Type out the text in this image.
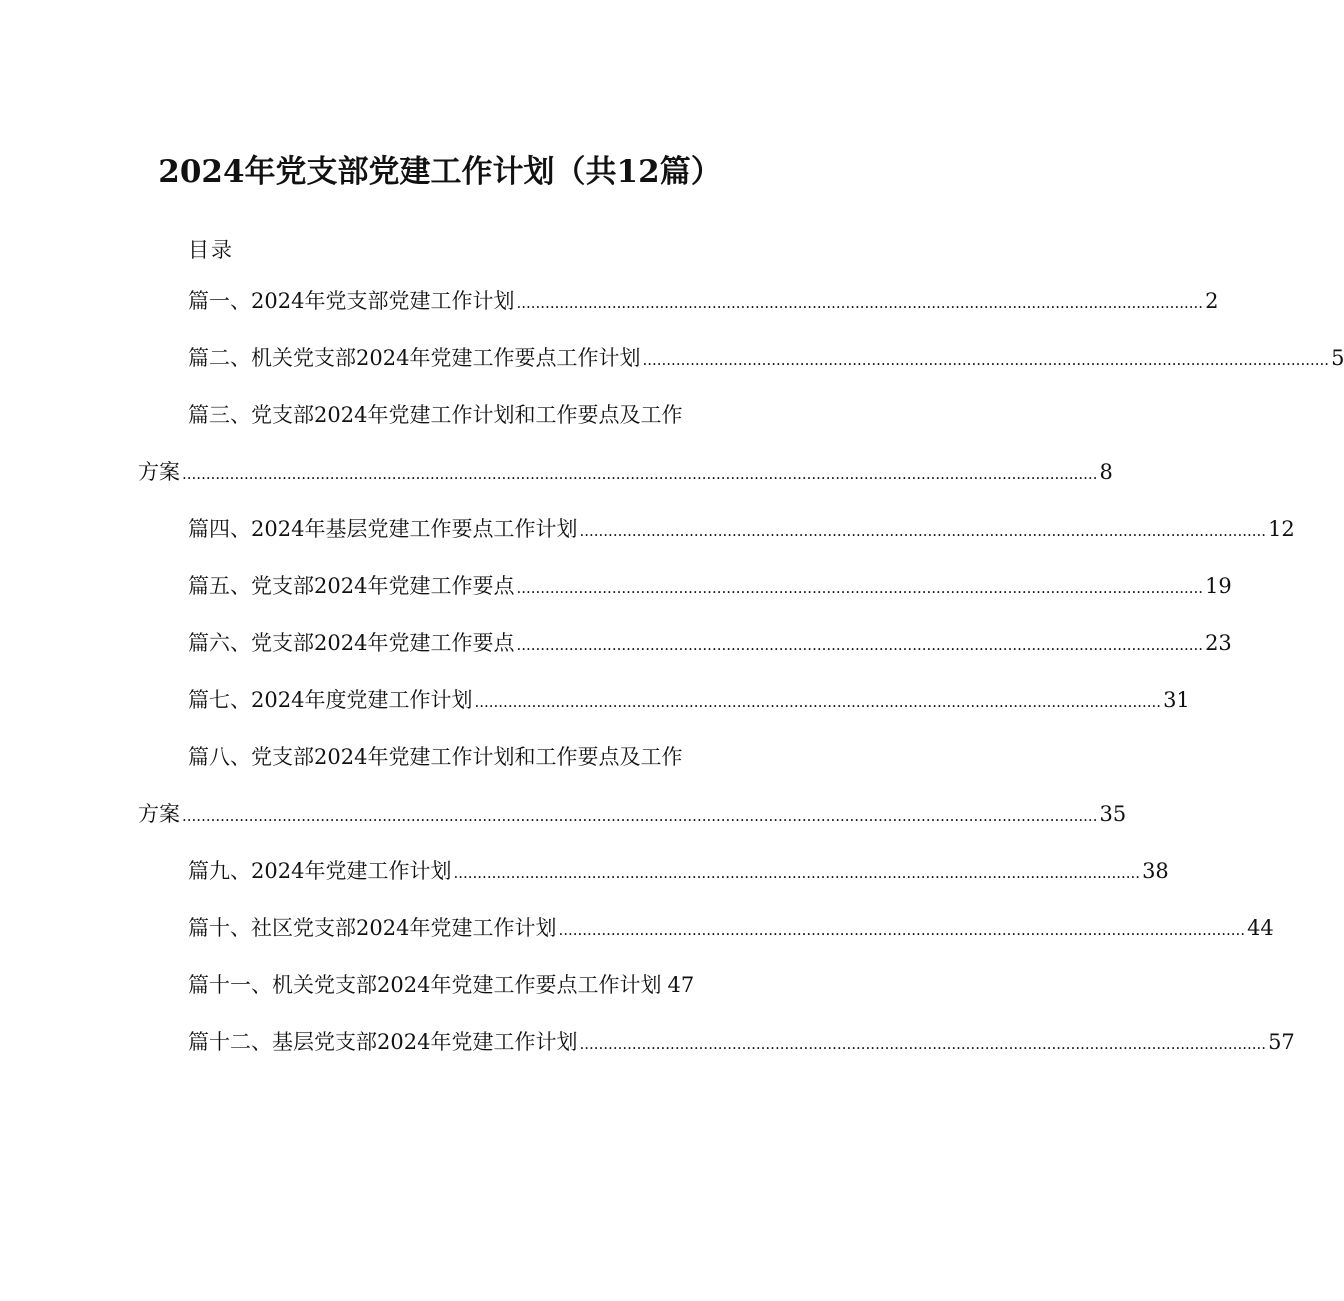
2024年党支部党建工作计划（共12篇）
目录
篇一、2024年党支部党建工作计划 ................................................................................................................................................ 2
篇二、机关党支部2024年党建工作要点工作计划 ................................................................................................................................................ 5
篇三、党支部2024年党建工作计划和工作要点及工作
方案 ................................................................................................................................................................................................ 8
篇四、2024年基层党建工作要点工作计划 ................................................................................................................................................ 12
篇五、党支部2024年党建工作要点 ................................................................................................................................................ 19
篇六、党支部2024年党建工作要点 ................................................................................................................................................ 23
篇七、2024年度党建工作计划 ................................................................................................................................................ 31
篇八、党支部2024年党建工作计划和工作要点及工作
方案 ................................................................................................................................................................................................ 35
篇九、2024年党建工作计划 ................................................................................................................................................ 38
篇十、社区党支部2024年党建工作计划 ................................................................................................................................................ 44
篇十一、机关党支部2024年党建工作要点工作计划 47
篇十二、基层党支部2024年党建工作计划 ................................................................................................................................................ 57
